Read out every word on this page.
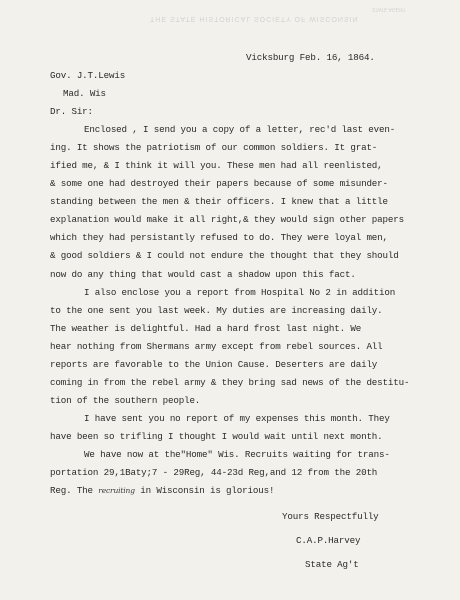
THE STATE HISTORICAL SOCIETY OF WISCONSIN
STATE AGENT
Vicksburg Feb. 16, 1864.
Gov. J.T.Lewis
Mad. Wis
Dr. Sir:
Enclosed , I send you a copy of a letter, rec'd last even-
ing. It shows the patriotism of our common soldiers. It grat-
ified me, & I think it will you. These men had all reenlisted,
& some one had destroyed their papers because of some misunder-
standing between the men & their officers. I knew that a little
explanation would make it all right,& they would sign other papers
which they had persistantly refused to do. They were loyal men,
& good soldiers & I could not endure the thought that they should
now do any thing that would cast a shadow upon this fact.
I also enclose you a report from Hospital No 2 in addition
to the one sent you last week. My duties are increasing daily.
The weather is delightful. Had a hard frost last night. We
hear nothing from Shermans army except from rebel sources. All
reports are favorable to the Union Cause. Deserters are daily
coming in from the rebel army & they bring sad news of the destitu-
tion of the southern people.
I have sent you no report of my expenses this month. They
have been so trifling I thought I would wait until next month.
We have now at the"Home" Wis. Recruits waiting for trans-
portation 29,1Baty;7 - 29Reg, 44-23d Reg,and 12 from the 20th
Reg. The recruiting in Wisconsin is glorious!
Yours Respectfully
C.A.P.Harvey
State Ag't
